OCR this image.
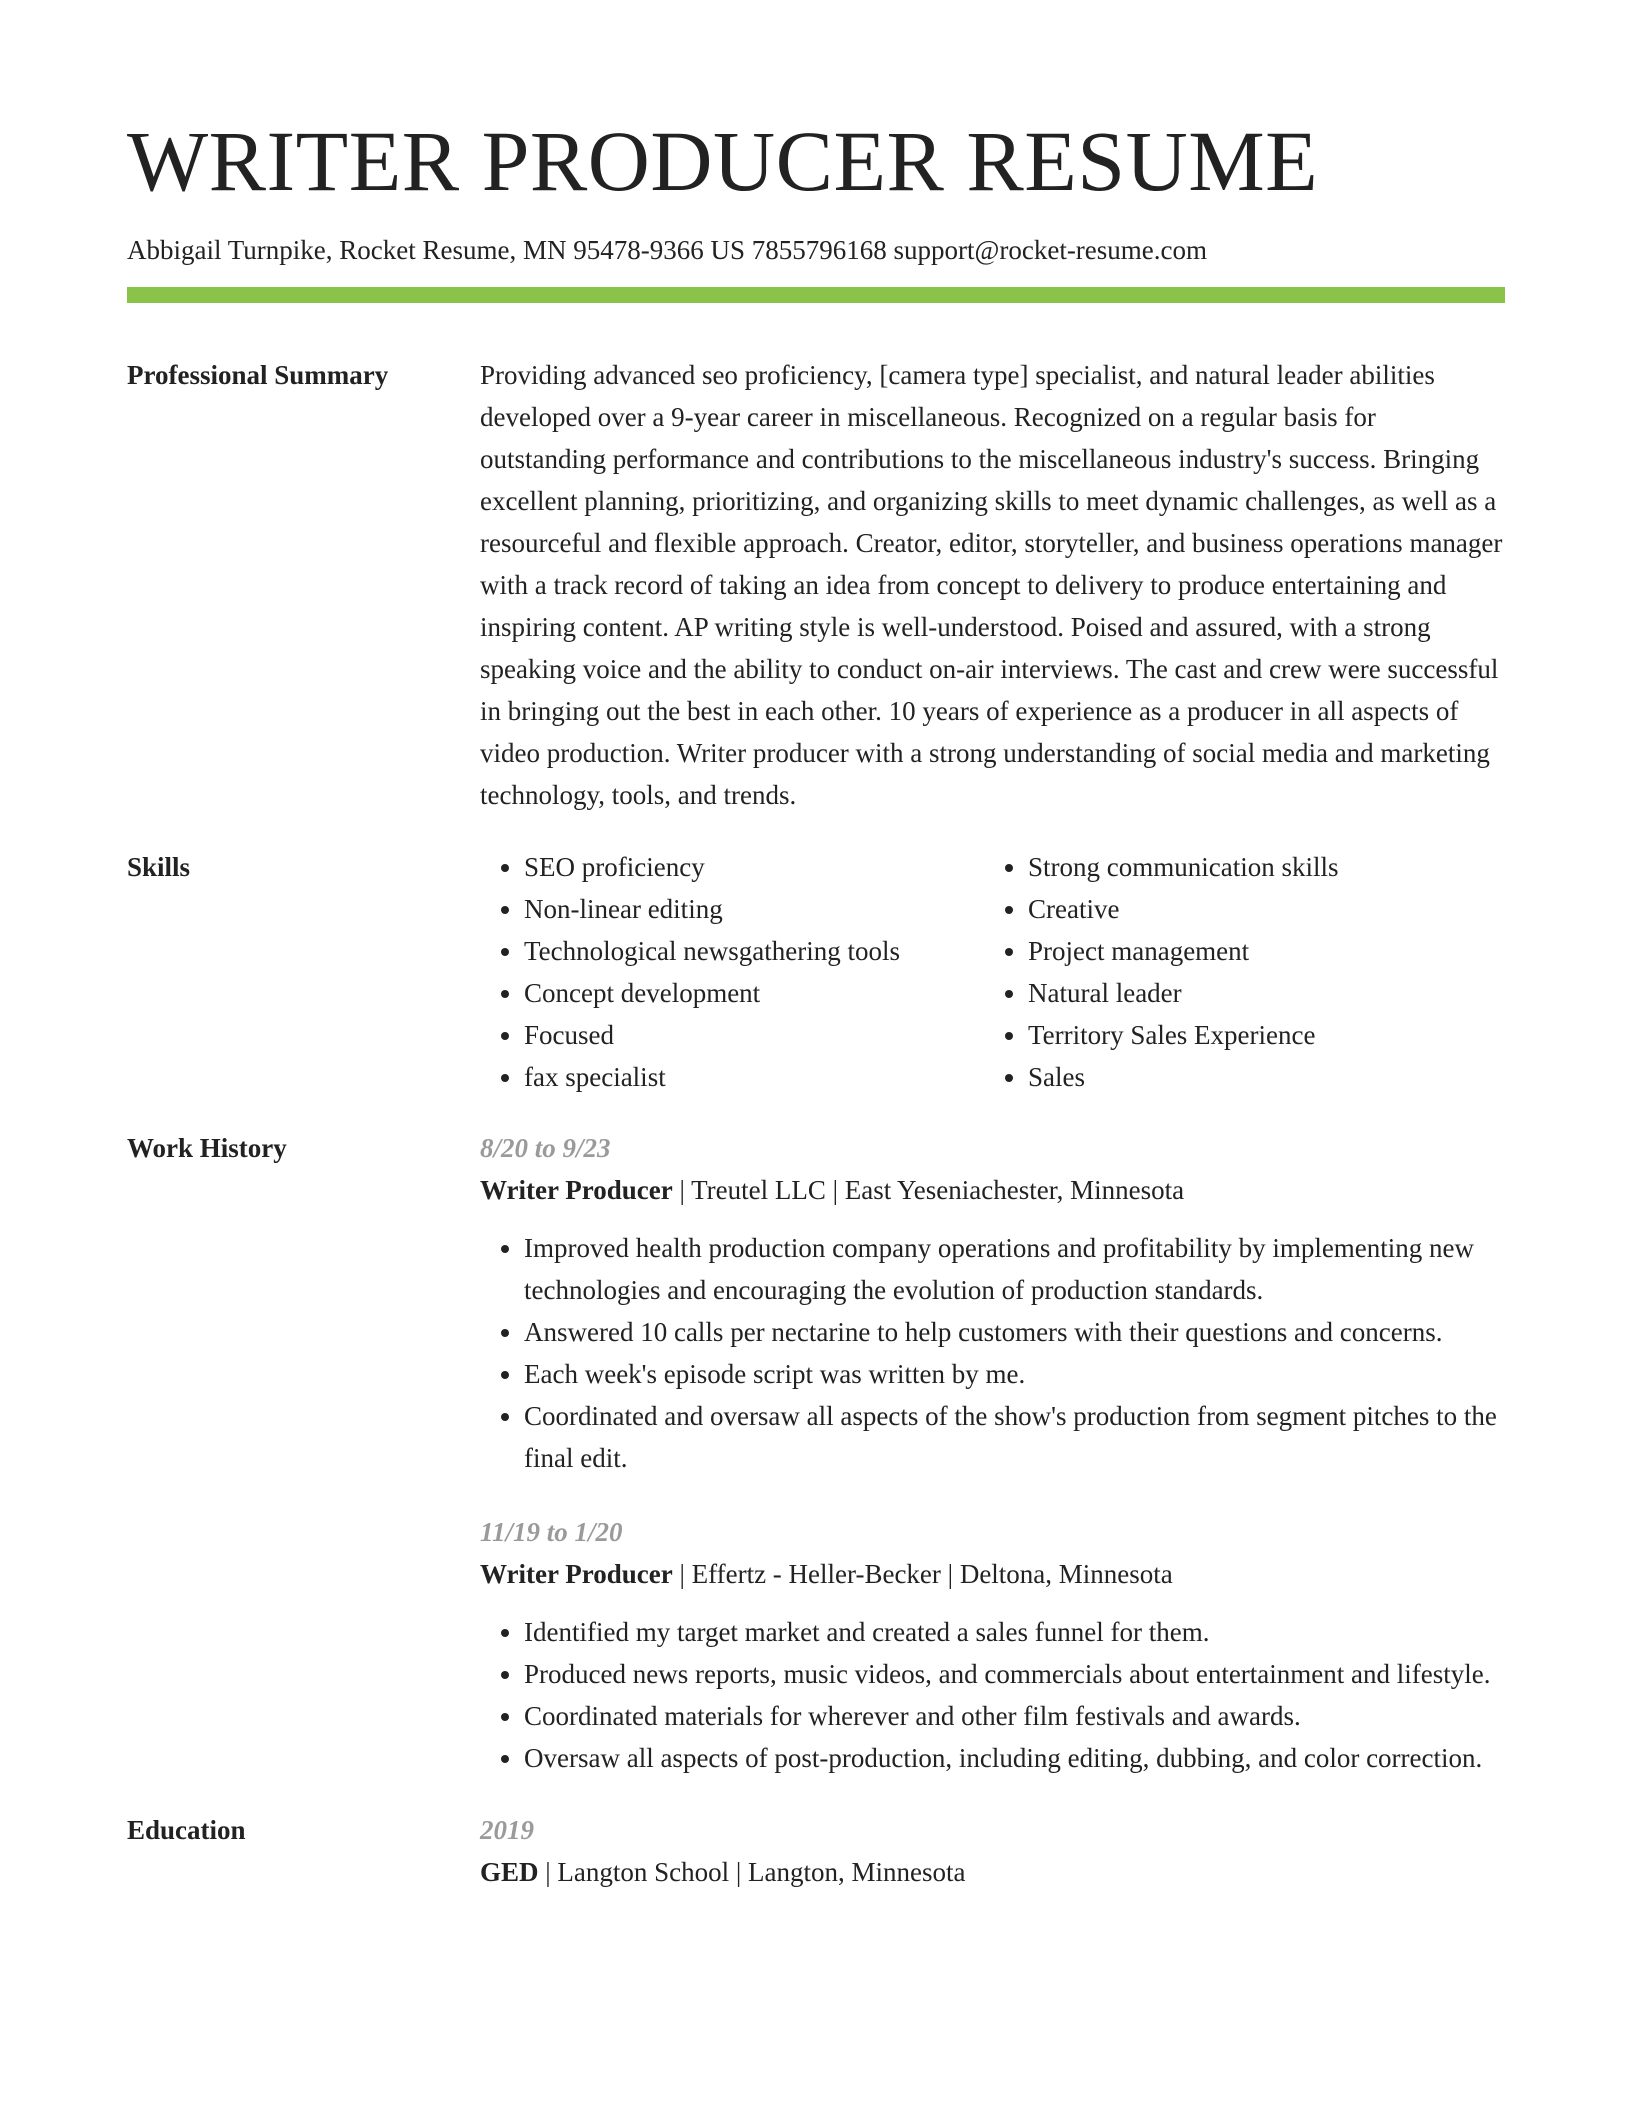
WRITER PRODUCER RESUME
Abbigail Turnpike, Rocket Resume, MN 95478-9366 US 7855796168 support@rocket-resume.com
Professional Summary	Providing advanced seo proficiency, [camera type] specialist, and natural leader abilities developed over a 9-year career in miscellaneous. Recognized on a regular basis for outstanding performance and contributions to the miscellaneous industry's success. Bringing excellent planning, prioritizing, and organizing skills to meet dynamic challenges, as well as a resourceful and flexible approach. Creator, editor, storyteller, and business operations manager with a track record of taking an idea from concept to delivery to produce entertaining and inspiring content. AP writing style is well-understood. Poised and assured, with a strong speaking voice and the ability to conduct on-air interviews. The cast and crew were successful in bringing out the best in each other. 10 years of experience as a producer in all aspects of video production. Writer producer with a strong understanding of social media and marketing technology, tools, and trends.

Skills
•	SEO proficiency
• Non-linear editing
• Technological newsgathering tools
• Concept development
• Focused
• fax specialist
• Strong communication skills
• Creative
• Project management
• Natural leader
• Territory Sales Experience
• Sales
Work History	8/20 to 9/23
Writer Producer | Treutel LLC | East Yeseniachester, Minnesota
• Improved health production company operations and profitability by implementing new technologies and encouraging the evolution of production standards.
• Answered 10 calls per nectarine to help customers with their questions and concerns.
• Each week's episode script was written by me.
• Coordinated and oversaw all aspects of the show's production from segment pitches to the final edit.
11/19 to 1/20
Writer Producer | Effertz - Heller-Becker | Deltona, Minnesota
• Identified my target market and created a sales funnel for them.
• Produced news reports, music videos, and commercials about entertainment and lifestyle.
• Coordinated materials for wherever and other film festivals and awards.
• Oversaw all aspects of post-production, including editing, dubbing, and color correction.
Education	2019
GED | Langton School | Langton, Minnesota
